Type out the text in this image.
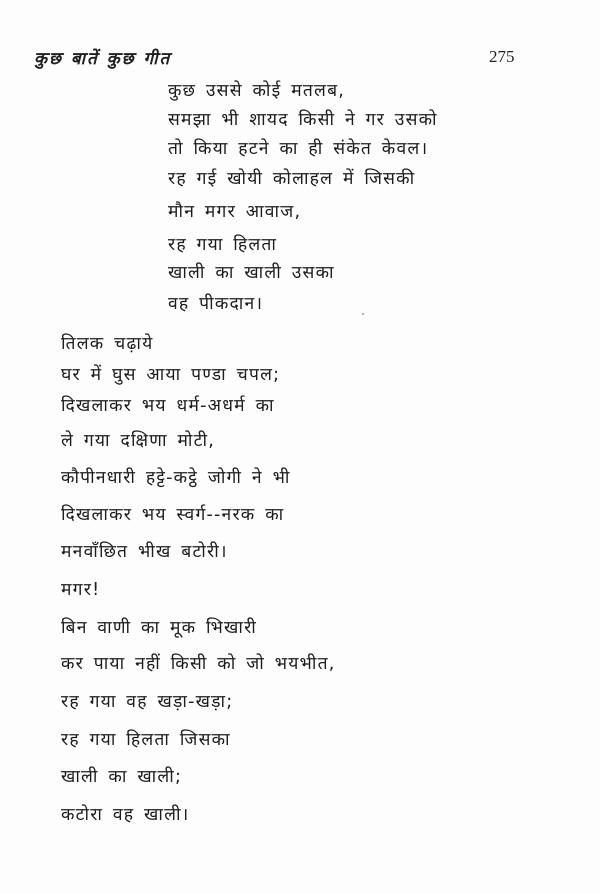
कुछ बातें कुछ गीत	275
कुछ उससे कोई मतलब,
समझा भी शायद किसी ने गर उसको
तो किया हटने का ही संकेत केवल।
रह गई खोयी कोलाहल में जिसकी
मौन मगर आवाज,
रह गया हिलता
खाली का खाली उसका
वह पीकदान।
तिलक चढ़ाये
घर में घुस आया पण्डा चपल;
दिखलाकर भय धर्म-अधर्म का
ले गया दक्षिणा मोटी,
कौपीनधारी हट्टे-कट्ठे जोगी ने भी
दिखलाकर भय स्वर्ग--नरक का
मनवाँछित भीख बटोरी।
मगर!
बिन वाणी का मूक भिखारी
कर पाया नहीं किसी को जो भयभीत,
रह गया वह खड़ा-खड़ा;
रह गया हिलता जिसका
खाली का खाली;
कटोरा वह खाली।
